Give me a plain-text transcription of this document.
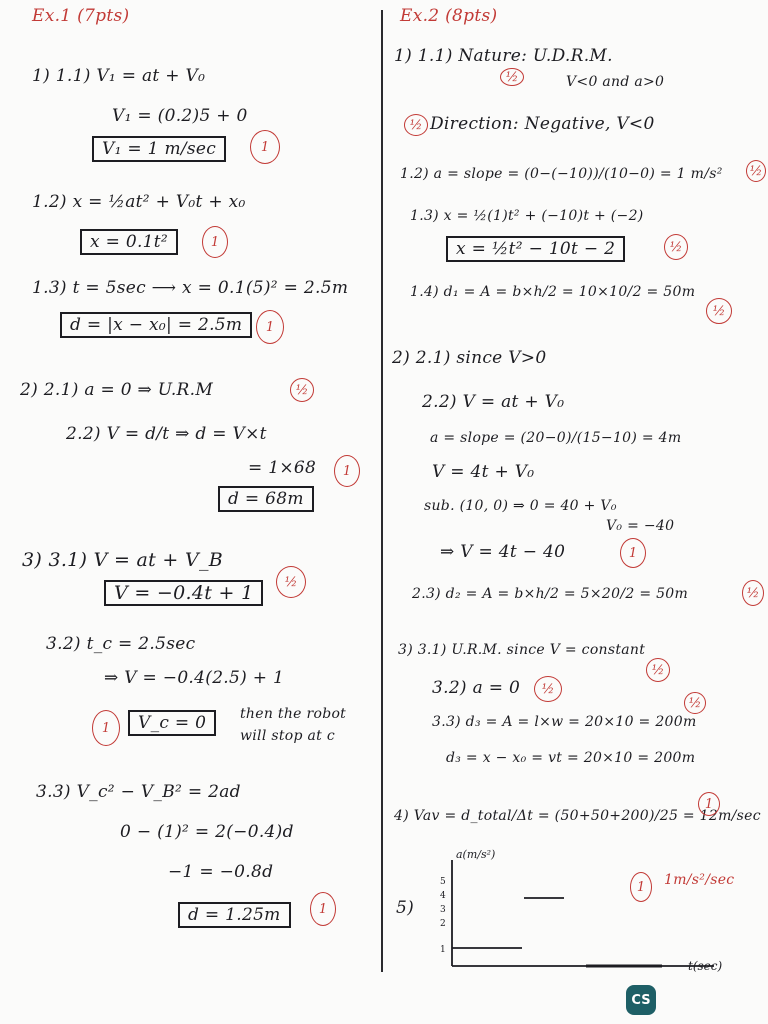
Ex.1 (7pts)
1) 1.1) V₁ = at + V₀
V₁ = (0.2)5 + 0
V₁ = 1 m/sec	1
1.2) x = ½at² + V₀t + x₀
x = 0.1t²	1
1.3) t = 5sec ⟶ x = 0.1(5)² = 2.5m
d = |x − x₀| = 2.5m	1
2) 2.1) a = 0 ⇒ U.R.M	½
2.2) V = d/t ⇒ d = V×t
= 1×68	1
d = 68m
3) 3.1) V = at + V_B
V = −0.4t + 1	½
3.2) t_c = 2.5sec
⇒ V = −0.4(2.5) + 1
1	V_c = 0	then the robot
will stop at c
3.3) V_c² − V_B² = 2ad
0 − (1)² = 2(−0.4)d
−1 = −0.8d
d = 1.25m	1
Ex.2 (8pts)
1) 1.1) Nature: U.D.R.M.
½	V<0 and a>0
½ Direction: Negative, V<0
1.2) a = slope = (0−(−10))/(10−0) = 1 m/s² ½
1.3) x = ½(1)t² + (−10)t + (−2)
x = ½t² − 10t − 2	½
1.4) d₁ = A = b×h/2 = 10×10/2 = 50m
½
2) 2.1) since V>0
2.2) V = at + V₀
a = slope = (20−0)/(15−10) = 4m
V = 4t + V₀
sub. (10, 0) ⇒ 0 = 40 + V₀
V₀ = −40
⇒ V = 4t − 40	1
2.3) d₂ = A = b×h/2 = 5×20/2 = 50m	½
3) 3.1) U.R.M. since V = constant
½
3.2) a = 0	½
3.3) d₃ = A = l×w = 20×10 = 200m
½
d₃ = x − x₀ = vt = 20×10 = 200m
4) Vav = d_total/Δt = (50+50+200)/25 = 12m/sec
1
5)
a(m/s²)
t(sec)
5
4
3
2
1
1	1m/s²/sec
CS
